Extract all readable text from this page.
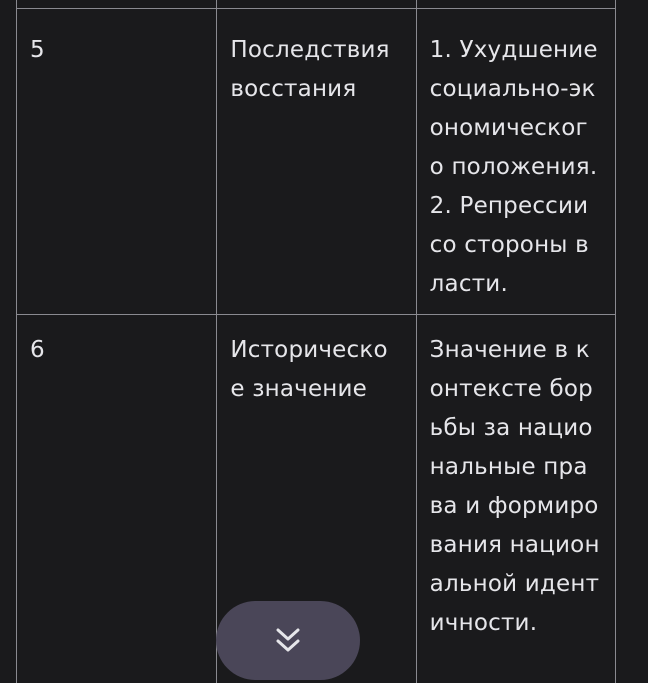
5	Последствия восстания	1. Ухудшение социально-экономического положения. 2. Репрессии со стороны власти.
6	Историческое значение	Значение в контексте борьбы за национальные права и формирования национальной идентичности.
